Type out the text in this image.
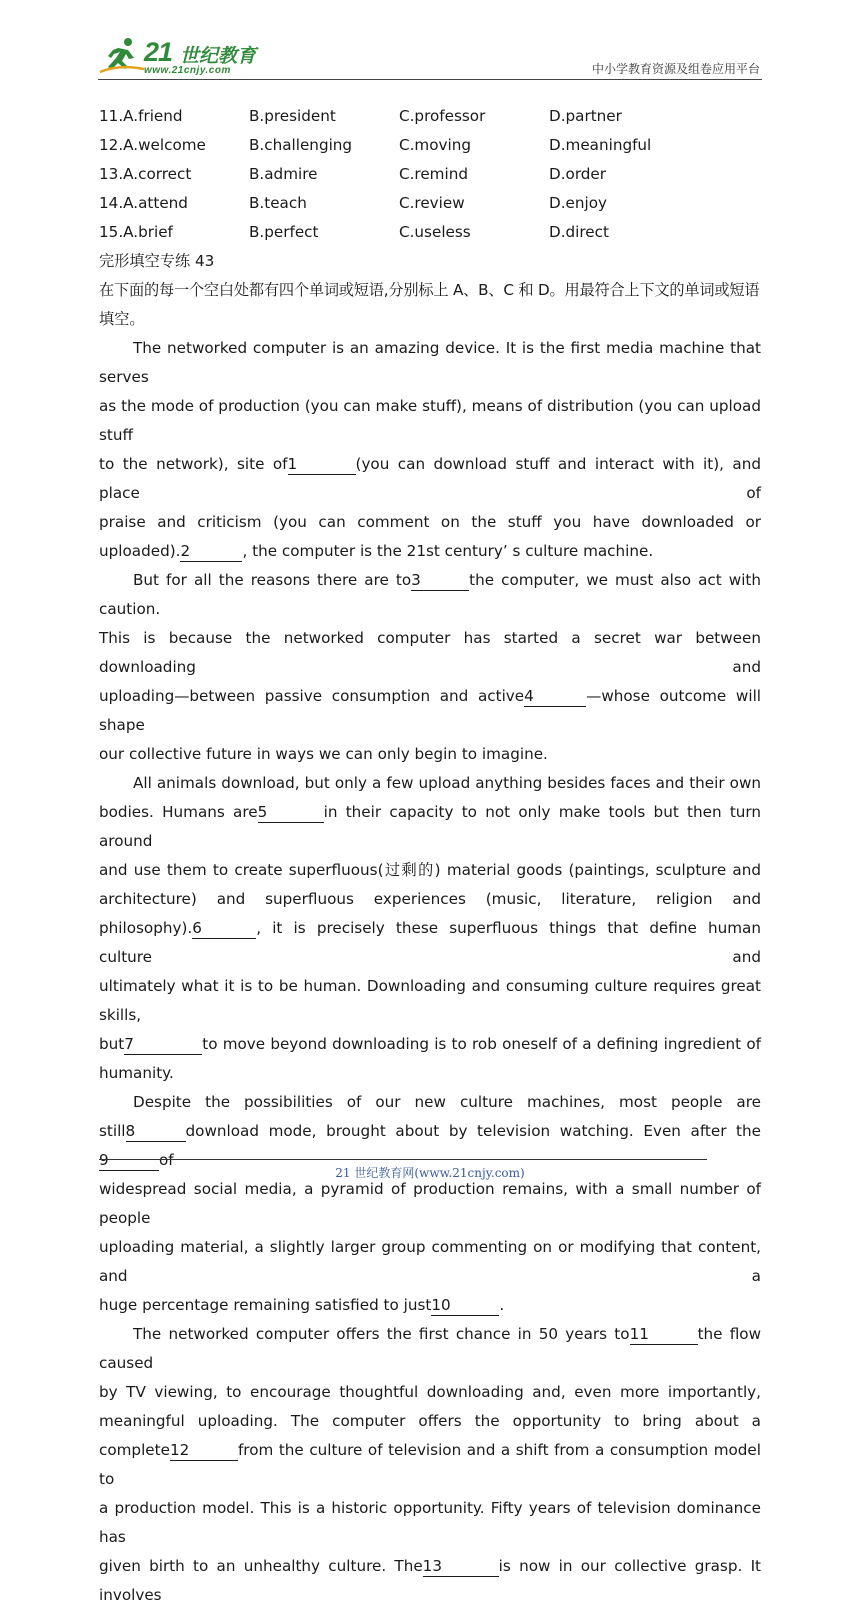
21 世纪教育
www.21cnjy.com	中小学教育资源及组卷应用平台
11.A.friend	B.president	C.professor	D.partner
12.A.welcome	B.challenging	C.moving	D.meaningful
13.A.correct	B.admire	C.remind	D.order
14.A.attend	B.teach	C.review	D.enjoy
15.A.brief	B.perfect	C.useless	D.direct
完形填空专练 43
在下面的每一个空白处都有四个单词或短语,分别标上 A、B、C 和 D。用最符合上下文的单词或短语
填空。

The networked computer is an amazing device. It is the first media machine that serves

as the mode of production (you can make stuff), means of distribution (you can upload stuff

to the network), site of1	(you can download stuff and interact with it), and place of

praise and criticism (you can comment on the stuff you have downloaded or

uploaded).2	, the computer is the 21st century’ s culture machine.

But for all the reasons there are to3	the computer, we must also act with caution.

This is because the networked computer has started a secret war between downloading and

uploading—between passive consumption and active4	—whose outcome will shape

our collective future in ways we can only begin to imagine.

All animals download, but only a few upload anything besides faces and their own

bodies. Humans are5	in their capacity to not only make tools but then turn around

and use them to create superfluous(过剩的) material goods (paintings, sculpture and

architecture) and superfluous experiences (music, literature, religion and

philosophy).6	, it is precisely these superfluous things that define human culture and

ultimately what it is to be human. Downloading and consuming culture requires great skills,

but7	to move beyond downloading is to rob oneself of a defining ingredient of

humanity.

Despite the possibilities of our new culture machines, most people are

still8	download mode, brought about by television watching. Even after the9	of

widespread social media, a pyramid of production remains, with a small number of people

uploading material, a slightly larger group commenting on or modifying that content, and a

huge percentage remaining satisfied to just10	.

The networked computer offers the first chance in 50 years to11	the flow caused

by TV viewing, to encourage thoughtful downloading and, even more importantly,

meaningful uploading. The computer offers the opportunity to bring about a

complete12	from the culture of television and a shift from a consumption model to

a production model. This is a historic opportunity. Fifty years of television dominance has

given birth to an unhealthy culture. The13	is now in our collective grasp. It involves

21 世纪教育网(www.21cnjy.com)
